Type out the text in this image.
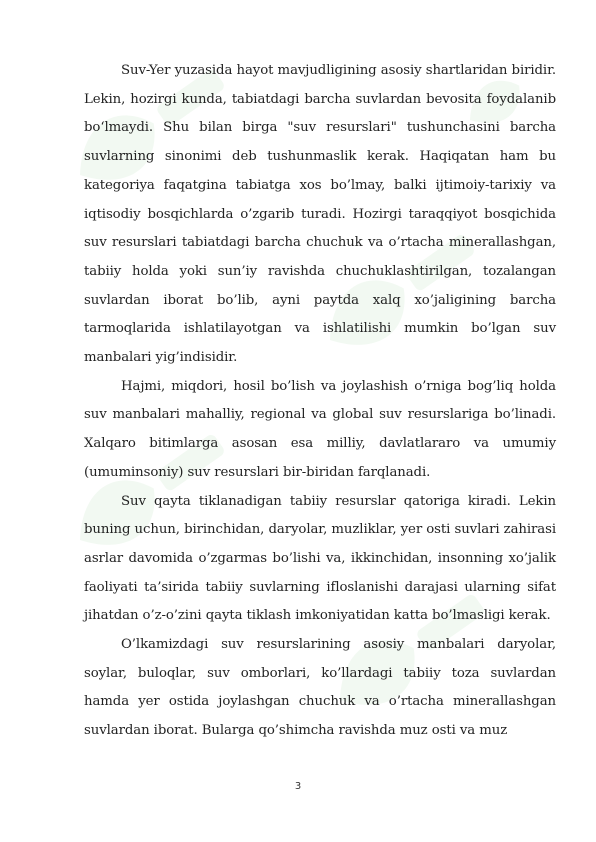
Suv-Yer yuzasida hayot mavjudligining asosiy shartlaridan biridir. Lekin, hozirgi kunda, tabiatdagi barcha suvlardan bevosita foydalanib bo‘lmaydi. Shu bilan birga "suv resurslari" tushunchasini barcha suvlarning sinonimi deb tushunmaslik kerak. Haqiqatan ham bu kategoriya faqatgina tabiatga xos bo’lmay, balki ijtimoiy-tarixiy va iqtisodiy bosqichlarda o’zgarib turadi. Hozirgi taraqqiyot bosqichida suv resurslari tabiatdagi barcha chuchuk va o’rtacha minerallashgan, tabiiy holda yoki sun’iy ravishda chuchuklashtirilgan, tozalangan suvlardan iborat bo’lib, ayni paytda xalq xo’jaligining barcha tarmoqlarida ishlatilayotgan va ishlatilishi mumkin bo’lgan suv manbalari yig’indisidir.

Hajmi, miqdori, hosil bo’lish va joylashish o’rniga bog’liq holda suv manbalari mahalliy, regional va global suv resurslariga bo’linadi. Xalqaro bitimlarga asosan esa milliy, davlatlararo va umumiy (umuminsoniy) suv resurslari bir-biridan farqlanadi.

Suv qayta tiklanadigan tabiiy resurslar qatoriga kiradi. Lekin buning uchun, birinchidan, daryolar, muzliklar, yer osti suvlari zahirasi asrlar davomida o’zgarmas bo’lishi va, ikkinchidan, insonning xo’jalik faoliyati ta’sirida tabiiy suvlarning ifloslanishi darajasi ularning sifat jihatdan o’z-o’zini qayta tiklash imkoniyatidan katta bo’lmasligi kerak.

O’lkamizdagi suv resurslarining asosiy manbalari daryolar, soylar, buloqlar, suv omborlari, ko’llardagi tabiiy toza suvlardan hamda yer ostida joylashgan chuchuk va o’rtacha minerallashgan suvlardan iborat. Bularga qo’shimcha ravishda muz osti va muz

3
